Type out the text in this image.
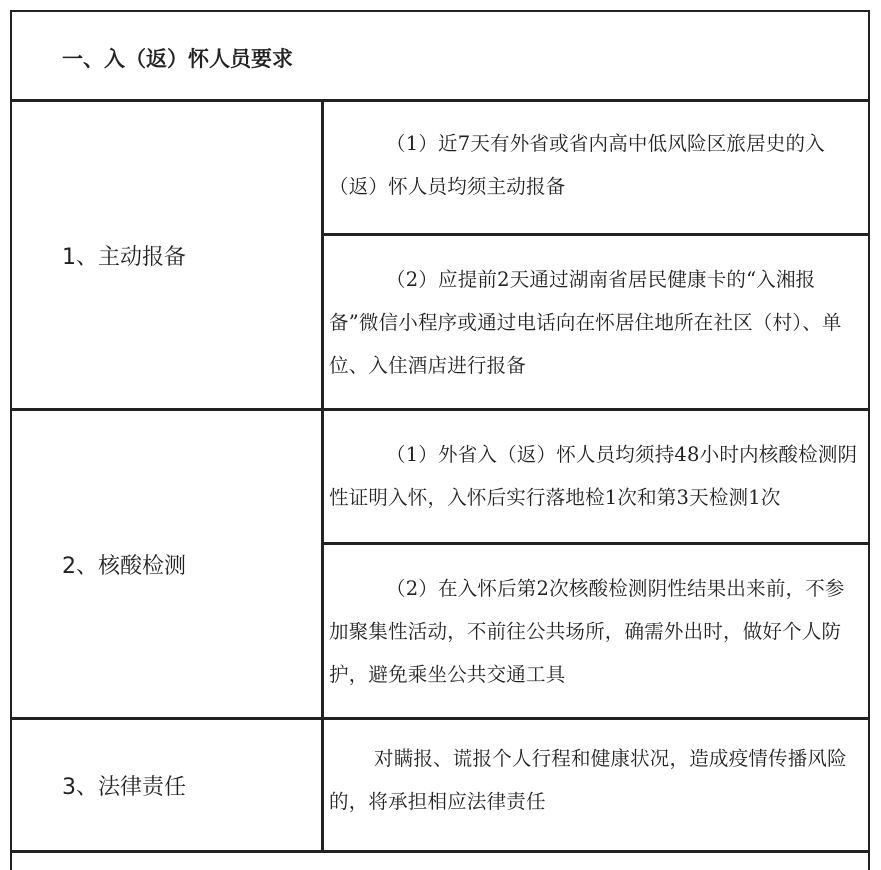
一、入（返）怀人员要求
1、主动报备

（1）近7天有外省或省内高中低风险区旅居史的入（返）怀人员均须主动报备

（2）应提前2天通过湖南省居民健康卡的“入湘报备”微信小程序或通过电话向在怀居住地所在社区（村）、单位、入住酒店进行报备

2、核酸检测

（1）外省入（返）怀人员均须持48小时内核酸检测阴性证明入怀，入怀后实行落地检1次和第3天检测1次

（2）在入怀后第2次核酸检测阴性结果出来前，不参加聚集性活动，不前往公共场所，确需外出时，做好个人防护，避免乘坐公共交通工具

3、法律责任

对瞒报、谎报个人行程和健康状况，造成疫情传播风险的，将承担相应法律责任
